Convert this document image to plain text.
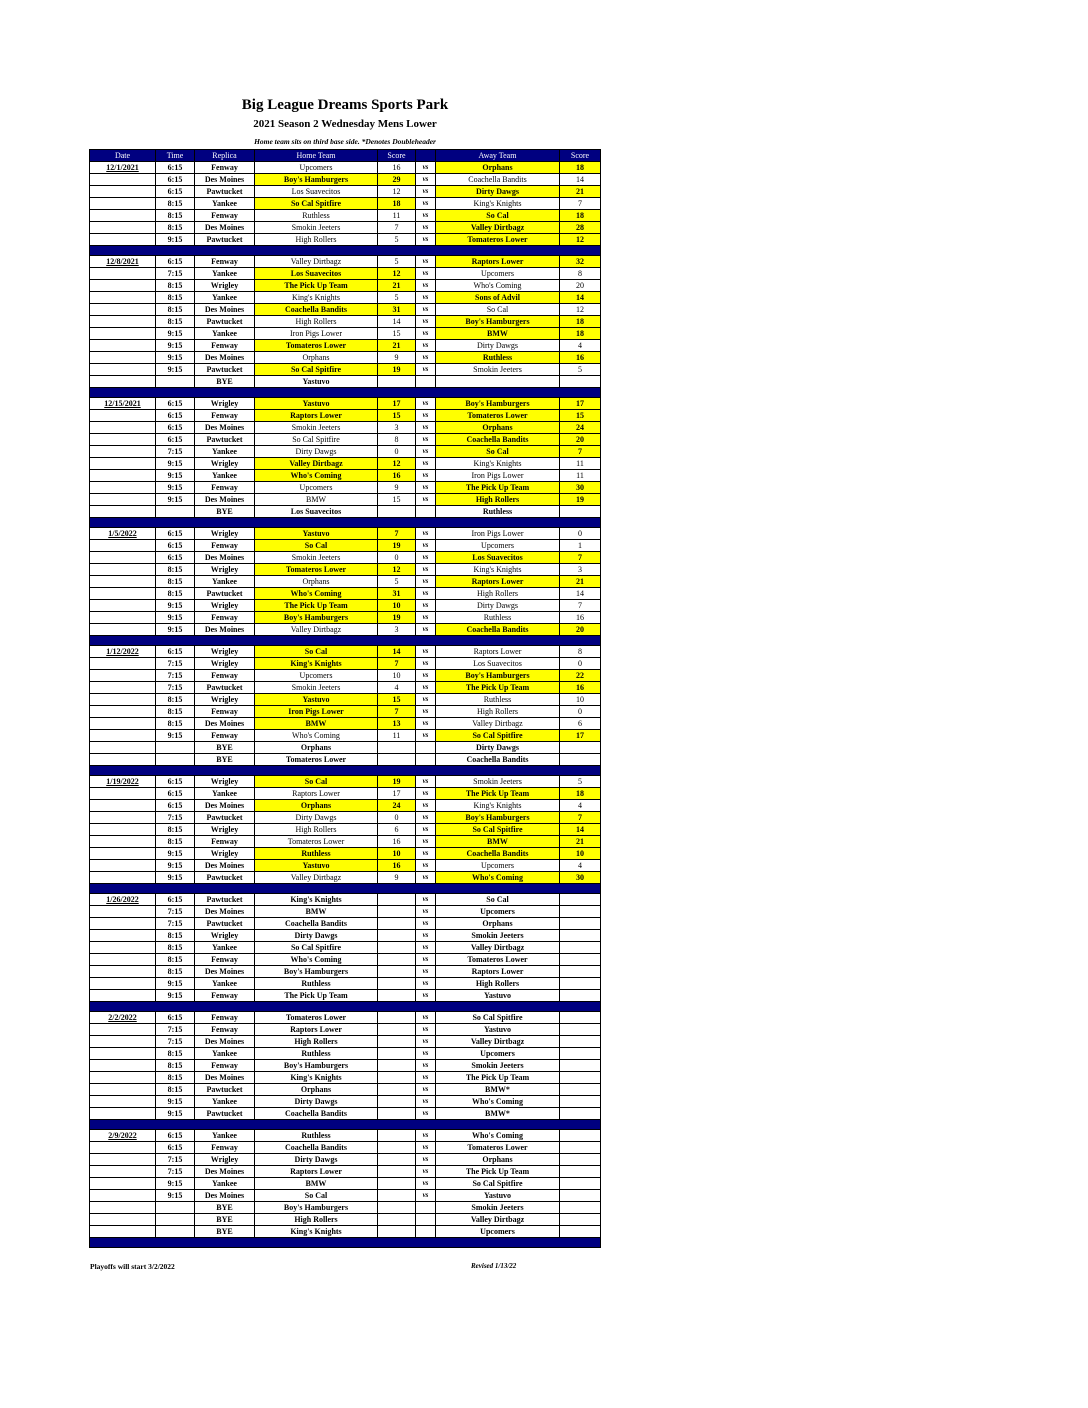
Big League Dreams Sports Park
2021 Season 2 Wednesday Mens Lower
Home team sits on third base side. *Denotes Doubleheader
Date	Time	Replica	Home Team	Score		Away Team	Score
12/1/2021	6:15	Fenway	Upcomers	16	vs	Orphans	18
	6:15	Des Moines	Boy's Hamburgers	29	vs	Coachella Bandits	14
	6:15	Pawtucket	Los Suavecitos	12	vs	Dirty Dawgs	21
	8:15	Yankee	So Cal Spitfire	18	vs	King's Knights	7
	8:15	Fenway	Ruthless	11	vs	So Cal	18
	8:15	Des Moines	Smokin Jeeters	7	vs	Valley Dirtbagz	28
	9:15	Pawtucket	High Rollers	5	vs	Tomateros Lower	12

12/8/2021	6:15	Fenway	Valley Dirtbagz	5	vs	Raptors Lower	32
	7:15	Yankee	Los Suavecitos	12	vs	Upcomers	8
	8:15	Wrigley	The Pick Up Team	21	vs	Who's Coming	20
	8:15	Yankee	King's Knights	5	vs	Sons of Advil	14
	8:15	Des Moines	Coachella Bandits	31	vs	So Cal	12
	8:15	Pawtucket	High Rollers	14	vs	Boy's Hamburgers	18
	9:15	Yankee	Iron Pigs Lower	15	vs	BMW	18
	9:15	Fenway	Tomateros Lower	21	vs	Dirty Dawgs	4
	9:15	Des Moines	Orphans	9	vs	Ruthless	16
	9:15	Pawtucket	So Cal Spitfire	19	vs	Smokin Jeeters	5
		BYE	Yastuvo				

12/15/2021	6:15	Wrigley	Yastuvo	17	vs	Boy's Hamburgers	17
	6:15	Fenway	Raptors Lower	15	vs	Tomateros Lower	15
	6:15	Des Moines	Smokin Jeeters	3	vs	Orphans	24
	6:15	Pawtucket	So Cal Spitfire	8	vs	Coachella Bandits	20
	7:15	Yankee	Dirty Dawgs	0	vs	So Cal	7
	9:15	Wrigley	Valley Dirtbagz	12	vs	King's Knights	11
	9:15	Yankee	Who's Coming	16	vs	Iron Pigs Lower	11
	9:15	Fenway	Upcomers	9	vs	The Pick Up Team	30
	9:15	Des Moines	BMW	15	vs	High Rollers	19
		BYE	Los Suavecitos			Ruthless	

1/5/2022	6:15	Wrigley	Yastuvo	7	vs	Iron Pigs Lower	0
	6:15	Fenway	So Cal	19	vs	Upcomers	1
	6:15	Des Moines	Smokin Jeeters	0	vs	Los Suavecitos	7
	8:15	Wrigley	Tomateros Lower	12	vs	King's Knights	3
	8:15	Yankee	Orphans	5	vs	Raptors Lower	21
	8:15	Pawtucket	Who's Coming	31	vs	High Rollers	14
	9:15	Wrigley	The Pick Up Team	10	vs	Dirty Dawgs	7
	9:15	Fenway	Boy's Hamburgers	19	vs	Ruthless	16
	9:15	Des Moines	Valley Dirtbagz	3	vs	Coachella Bandits	20

1/12/2022	6:15	Wrigley	So Cal	14	vs	Raptors Lower	8
	7:15	Wrigley	King's Knights	7	vs	Los Suavecitos	0
	7:15	Fenway	Upcomers	10	vs	Boy's Hamburgers	22
	7:15	Pawtucket	Smokin Jeeters	4	vs	The Pick Up Team	16
	8:15	Wrigley	Yastuvo	15	vs	Ruthless	10
	8:15	Fenway	Iron Pigs Lower	7	vs	High Rollers	0
	8:15	Des Moines	BMW	13	vs	Valley Dirtbagz	6
	9:15	Fenway	Who's Coming	11	vs	So Cal Spitfire	17
		BYE	Orphans			Dirty Dawgs	
		BYE	Tomateros Lower			Coachella Bandits	

1/19/2022	6:15	Wrigley	So Cal	19	vs	Smokin Jeeters	5
	6:15	Yankee	Raptors Lower	17	vs	The Pick Up Team	18
	6:15	Des Moines	Orphans	24	vs	King's Knights	4
	7:15	Pawtucket	Dirty Dawgs	0	vs	Boy's Hamburgers	7
	8:15	Wrigley	High Rollers	6	vs	So Cal Spitfire	14
	8:15	Fenway	Tomateros Lower	16	vs	BMW	21
	9:15	Wrigley	Ruthless	10	vs	Coachella Bandits	10
	9:15	Des Moines	Yastuvo	16	vs	Upcomers	4
	9:15	Pawtucket	Valley Dirtbagz	9	vs	Who's Coming	30

1/26/2022	6:15	Pawtucket	King's Knights		vs	So Cal	
	7:15	Des Moines	BMW		vs	Upcomers	
	7:15	Pawtucket	Coachella Bandits		vs	Orphans	
	8:15	Wrigley	Dirty Dawgs		vs	Smokin Jeeters	
	8:15	Yankee	So Cal Spitfire		vs	Valley Dirtbagz	
	8:15	Fenway	Who's Coming		vs	Tomateros Lower	
	8:15	Des Moines	Boy's Hamburgers		vs	Raptors Lower	
	9:15	Yankee	Ruthless		vs	High Rollers	
	9:15	Fenway	The Pick Up Team		vs	Yastuvo	

2/2/2022	6:15	Fenway	Tomateros Lower		vs	So Cal Spitfire	
	7:15	Fenway	Raptors Lower		vs	Yastuvo	
	7:15	Des Moines	High Rollers		vs	Valley Dirtbagz	
	8:15	Yankee	Ruthless		vs	Upcomers	
	8:15	Fenway	Boy's Hamburgers		vs	Smokin Jeeters	
	8:15	Des Moines	King's Knights		vs	The Pick Up Team	
	8:15	Pawtucket	Orphans		vs	BMW*	
	9:15	Yankee	Dirty Dawgs		vs	Who's Coming	
	9:15	Pawtucket	Coachella Bandits		vs	BMW*	

2/9/2022	6:15	Yankee	Ruthless		vs	Who's Coming	
	6:15	Fenway	Coachella Bandits		vs	Tomateros Lower	
	7:15	Wrigley	Dirty Dawgs		vs	Orphans	
	7:15	Des Moines	Raptors Lower		vs	The Pick Up Team	
	9:15	Yankee	BMW		vs	So Cal Spitfire	
	9:15	Des Moines	So Cal		vs	Yastuvo	
		BYE	Boy's Hamburgers			Smokin Jeeters	
		BYE	High Rollers			Valley Dirtbagz	
		BYE	King's Knights			Upcomers	

Playoffs will start 3/2/2022	Revised 1/13/22
